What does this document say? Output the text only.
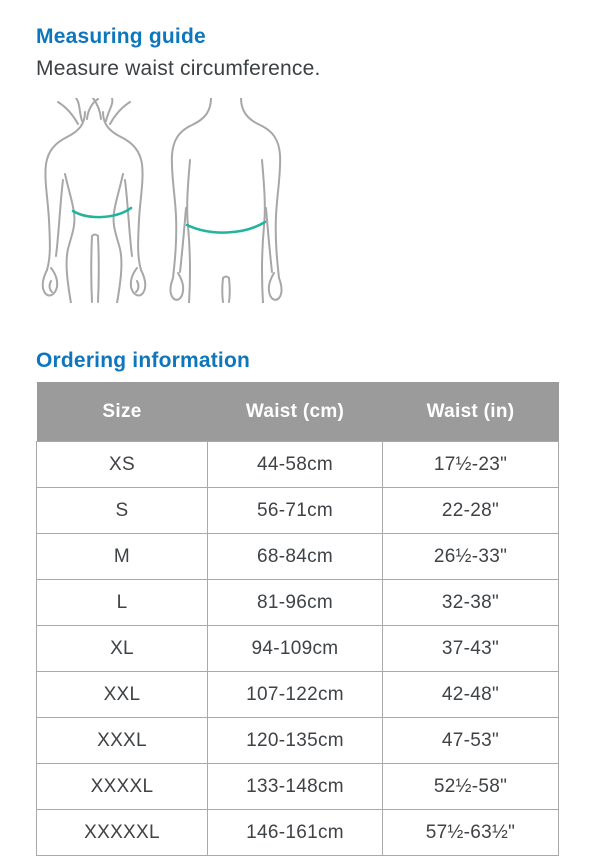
Measuring guide

Measure waist circumference.

Ordering information
Size	Waist (cm)	Waist (in)
XS	44-58cm	17½-23"
S	56-71cm	22-28"
M	68-84cm	26½-33"
L	81-96cm	32-38"
XL	94-109cm	37-43"
XXL	107-122cm	42-48"
XXXL	120-135cm	47-53"
XXXXL	133-148cm	52½-58"
XXXXXL	146-161cm	57½-63½"
